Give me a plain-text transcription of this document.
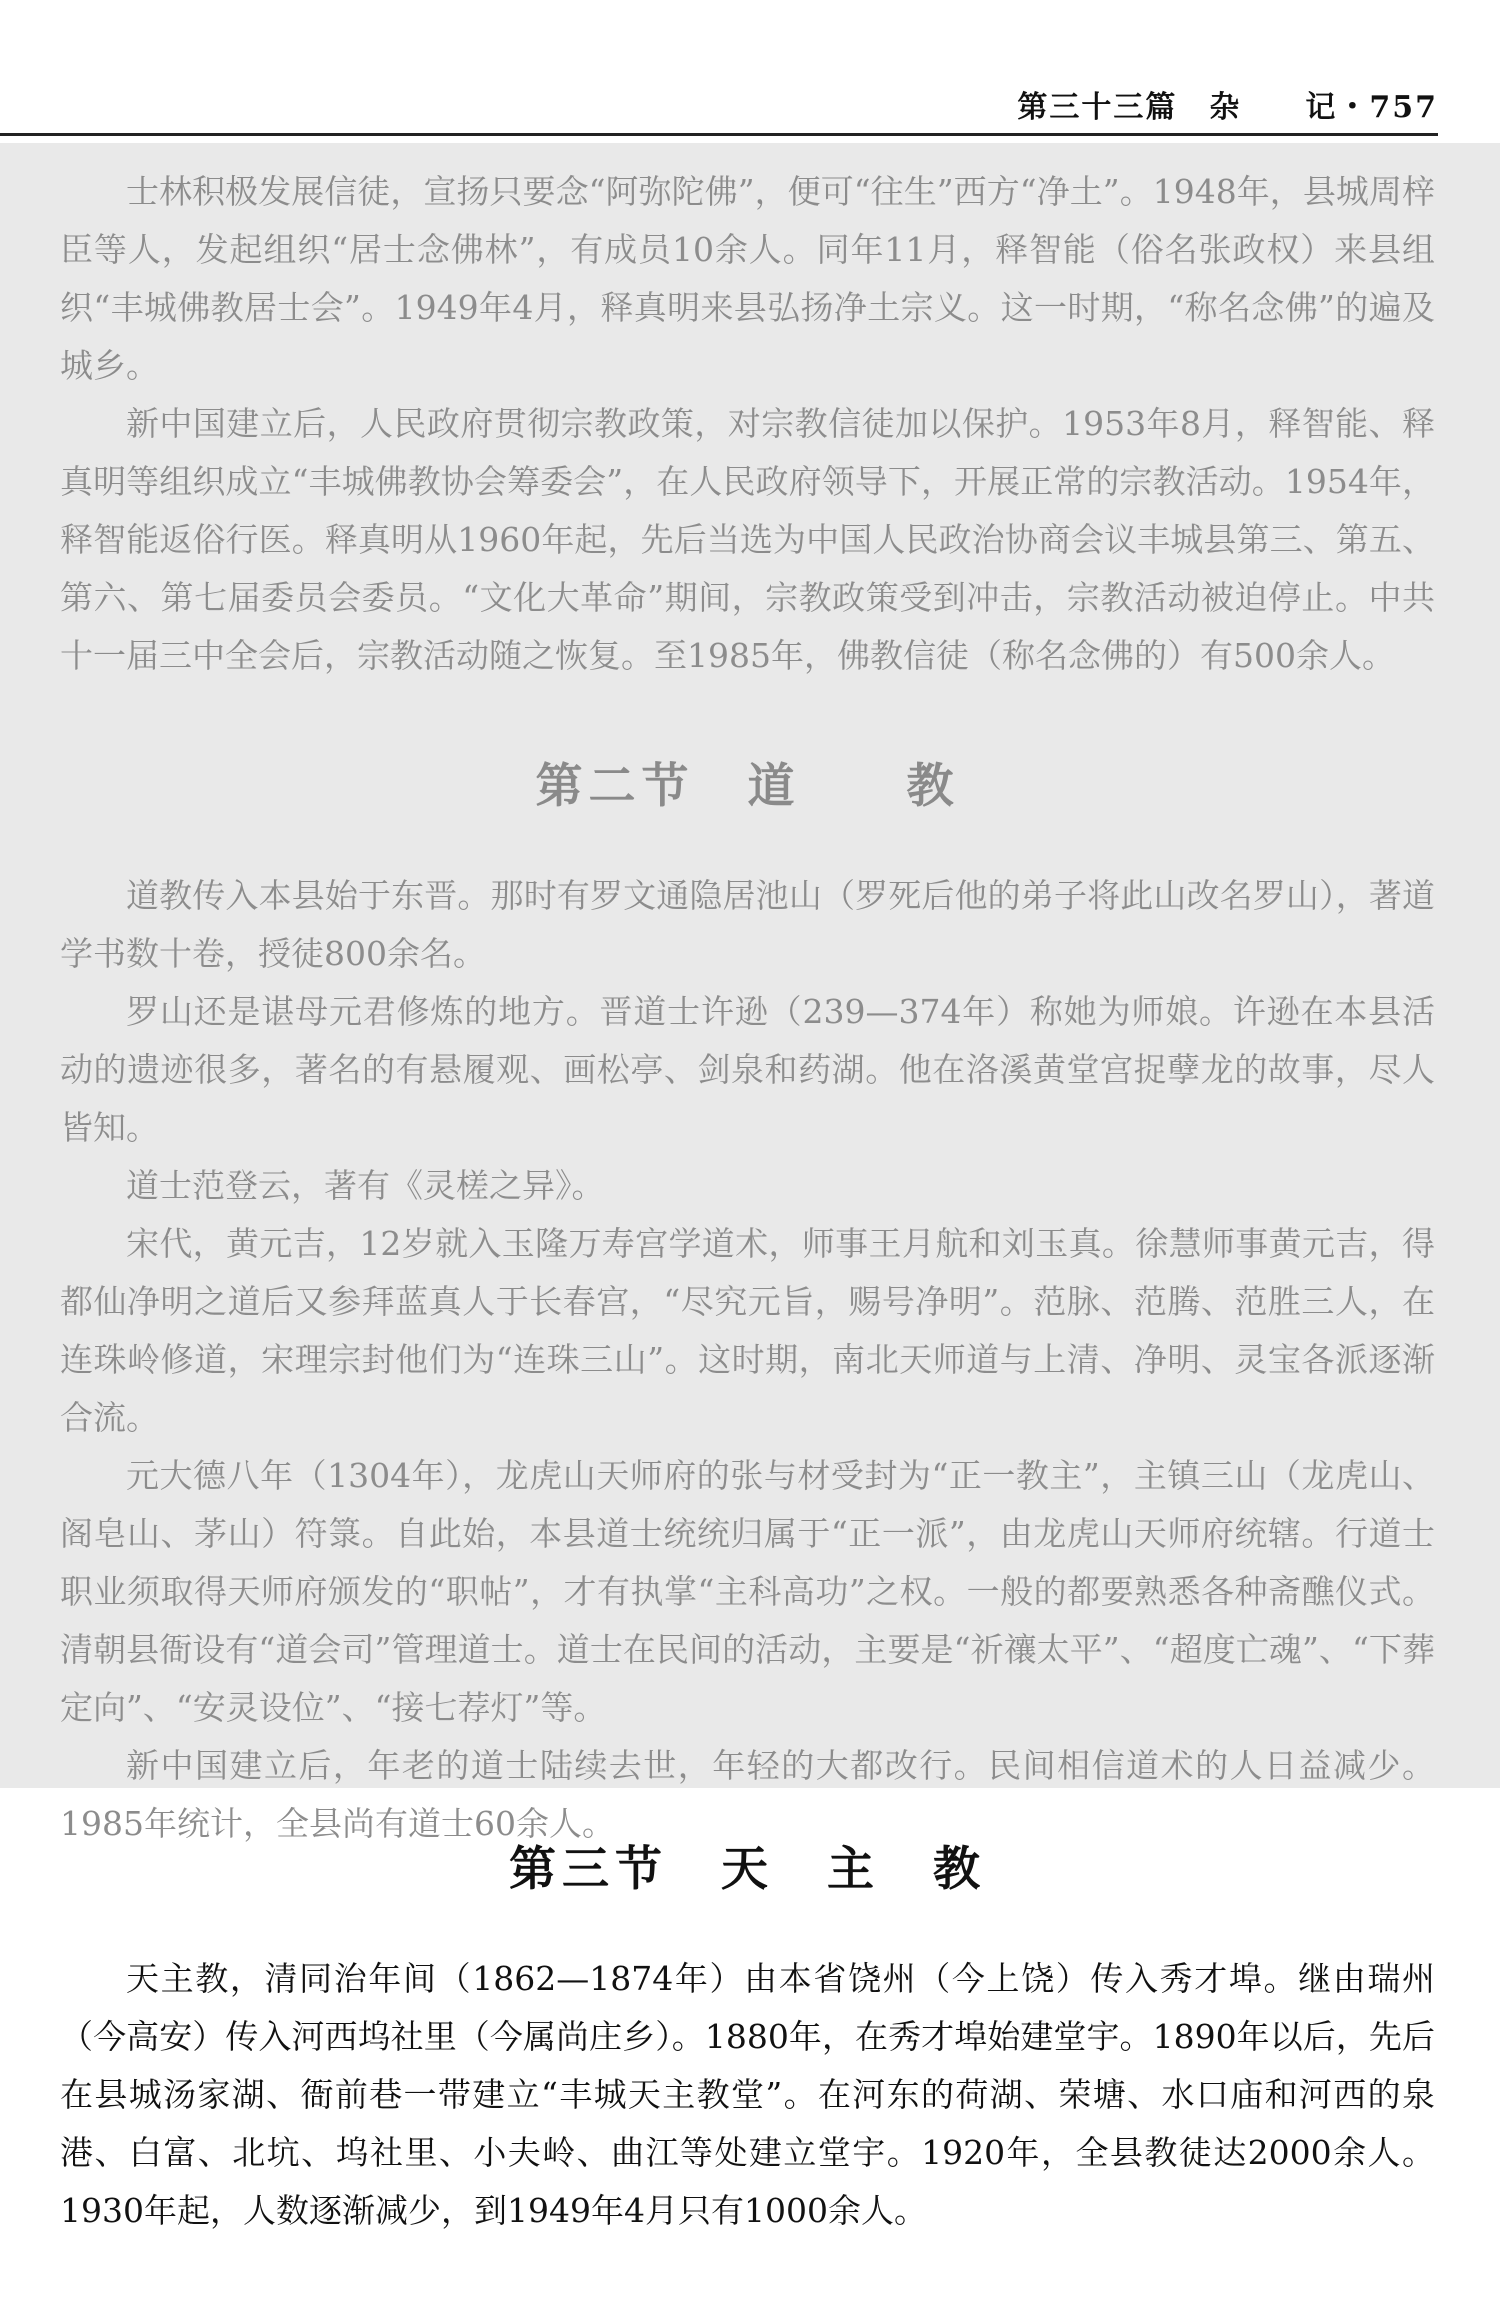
第三十三篇　杂　　记・757

士林积极发展信徒，宣扬只要念“阿弥陀佛”，便可“往生”西方“净土”。1948年，县城周梓臣等人，发起组织“居士念佛林”，有成员10余人。同年11月，释智能（俗名张政权）来县组织“丰城佛教居士会”。1949年4月，释真明来县弘扬净土宗义。这一时期，“称名念佛”的遍及城乡。

新中国建立后，人民政府贯彻宗教政策，对宗教信徒加以保护。1953年8月，释智能、释真明等组织成立“丰城佛教协会筹委会”，在人民政府领导下，开展正常的宗教活动。1954年，释智能返俗行医。释真明从1960年起，先后当选为中国人民政治协商会议丰城县第三、第五、第六、第七届委员会委员。“文化大革命”期间，宗教政策受到冲击，宗教活动被迫停止。中共十一届三中全会后，宗教活动随之恢复。至1985年，佛教信徒（称名念佛的）有500余人。

第二节　道　　教

道教传入本县始于东晋。那时有罗文通隐居池山（罗死后他的弟子将此山改名罗山），著道学书数十卷，授徒800余名。

罗山还是谌母元君修炼的地方。晋道士许逊（239—374年）称她为师娘。许逊在本县活动的遗迹很多，著名的有悬履观、画松亭、剑泉和药湖。他在洛溪黄堂宫捉孽龙的故事，尽人皆知。

道士范登云，著有《灵槎之异》。

宋代，黄元吉，12岁就入玉隆万寿宫学道术，师事王月航和刘玉真。徐慧师事黄元吉，得都仙净明之道后又参拜蓝真人于长春宫，“尽究元旨，赐号净明”。范脉、范腾、范胜三人，在连珠岭修道，宋理宗封他们为“连珠三山”。这时期，南北天师道与上清、净明、灵宝各派逐渐合流。

元大德八年（1304年），龙虎山天师府的张与材受封为“正一教主”，主镇三山（龙虎山、阁皂山、茅山）符箓。自此始，本县道士统统归属于“正一派”，由龙虎山天师府统辖。行道士职业须取得天师府颁发的“职帖”，才有执掌“主科高功”之权。一般的都要熟悉各种斋醮仪式。清朝县衙设有“道会司”管理道士。道士在民间的活动，主要是“祈禳太平”、“超度亡魂”、“下葬定向”、“安灵设位”、“接七荐灯”等。

新中国建立后，年老的道士陆续去世，年轻的大都改行。民间相信道术的人日益减少。1985年统计，全县尚有道士60余人。

第三节　天　主　教

天主教，清同治年间（1862—1874年）由本省饶州（今上饶）传入秀才埠。继由瑞州（今高安）传入河西坞社里（今属尚庄乡）。1880年，在秀才埠始建堂宇。1890年以后，先后在县城汤家湖、衙前巷一带建立“丰城天主教堂”。在河东的荷湖、荣塘、水口庙和河西的泉港、白富、北坑、坞社里、小夫岭、曲江等处建立堂宇。1920年，全县教徒达2000余人。1930年起，人数逐渐减少，到1949年4月只有1000余人。
